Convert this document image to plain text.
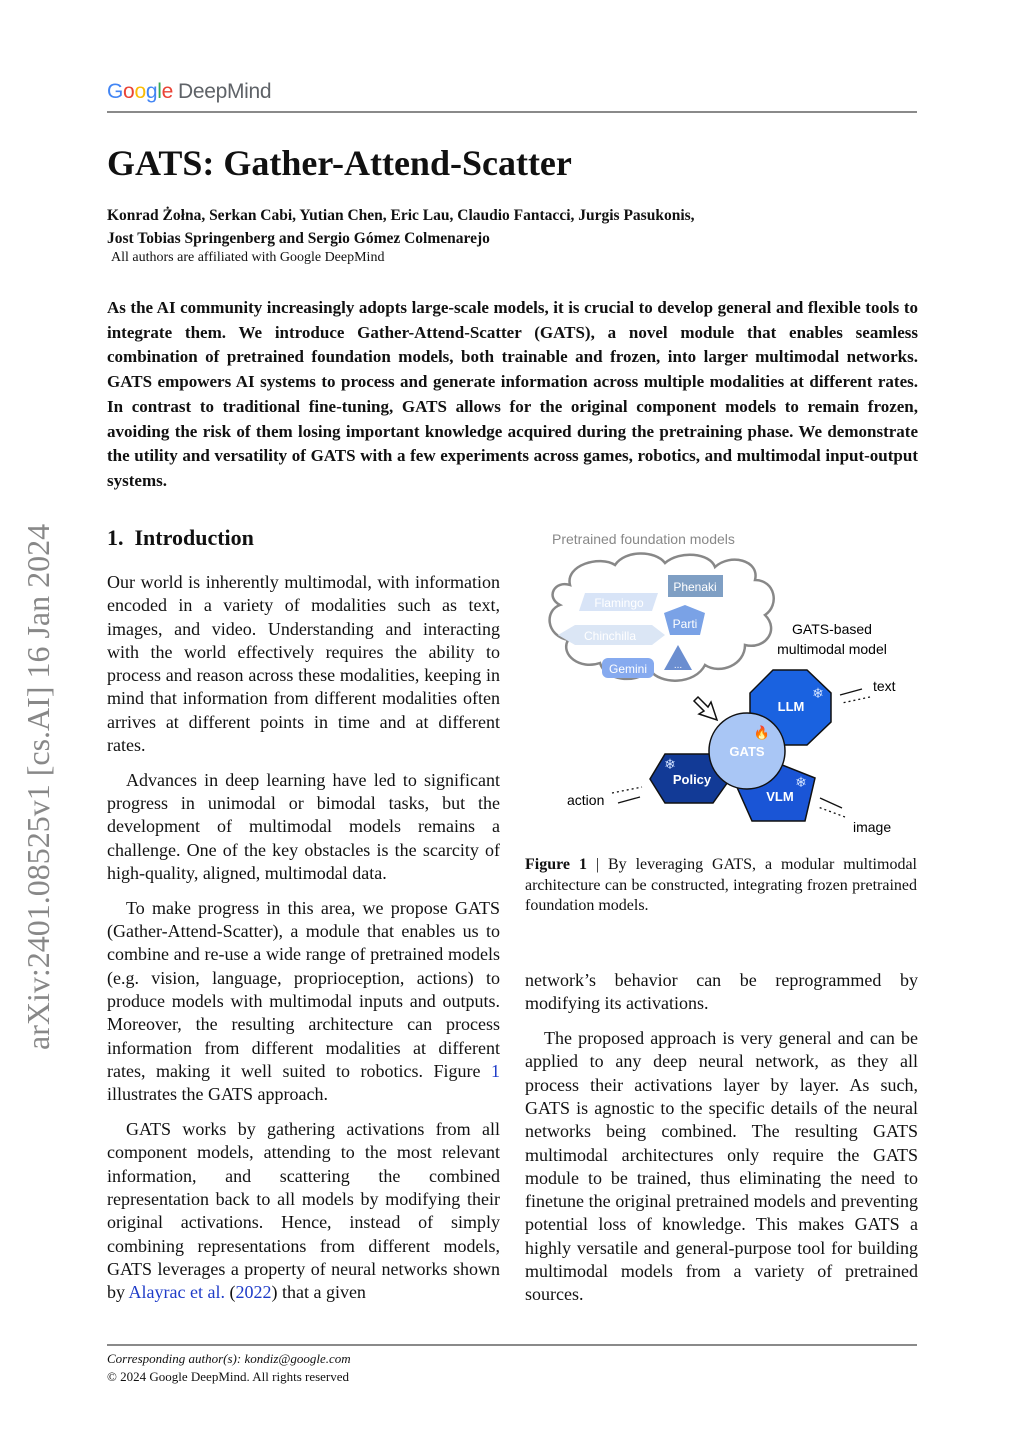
Google DeepMind
arXiv:2401.08525v1 [cs.AI] 16 Jan 2024
GATS: Gather-Attend-Scatter
Konrad Żołna, Serkan Cabi, Yutian Chen, Eric Lau, Claudio Fantacci, Jurgis Pasukonis,
Jost Tobias Springenberg and Sergio Gómez Colmenarejo
All authors are affiliated with Google DeepMind
As the AI community increasingly adopts large-scale models, it is crucial to develop general and flexible tools to integrate them. We introduce Gather-Attend-Scatter (GATS), a novel module that enables seamless combination of pretrained foundation models, both trainable and frozen, into larger multimodal networks. GATS empowers AI systems to process and generate information across multiple modalities at different rates. In contrast to traditional fine-tuning, GATS allows for the original component models to remain frozen, avoiding the risk of them losing important knowledge acquired during the pretraining phase. We demonstrate the utility and versatility of GATS with a few experiments across games, robotics, and multimodal input-output systems.
1. Introduction

Our world is inherently multimodal, with information encoded in a variety of modalities such as text, images, and video. Understanding and interacting with the world effectively requires the ability to process and reason across these modalities, keeping in mind that information from different modalities often arrives at different points in time and at different rates.

Advances in deep learning have led to significant progress in unimodal or bimodal tasks, but the development of multimodal models remains a challenge. One of the key obstacles is the scarcity of high-quality, aligned, multimodal data.

To make progress in this area, we propose GATS (Gather-Attend-Scatter), a module that enables us to combine and re-use a wide range of pretrained models (e.g. vision, language, proprioception, actions) to produce models with multimodal inputs and outputs. Moreover, the resulting architecture can process information from different modalities at different rates, making it well suited to robotics. Figure 1 illustrates the GATS approach.

GATS works by gathering activations from all component models, attending to the most relevant information, and scattering the combined representation back to all models by modifying their original activations. Hence, instead of simply combining representations from different models, GATS leverages a property of neural networks shown by Alayrac et al. (2022) that a given

Pretrained foundation models
Flamingo
Phenaki
Parti
Chinchilla
Gemini	...
GATS-based
multimodal model
LLM
❄
VLM
❄
Policy
❄
GATS
🔥
text
image
action
Figure 1 | By leveraging GATS, a modular multimodal architecture can be constructed, integrating frozen pretrained foundation models.

network’s behavior can be reprogrammed by modifying its activations.

The proposed approach is very general and can be applied to any deep neural network, as they all process their activations layer by layer. As such, GATS is agnostic to the specific details of the neural networks being combined. The resulting GATS multimodal architectures only require the GATS module to be trained, thus eliminating the need to finetune the original pretrained models and preventing potential loss of knowledge. This makes GATS a highly versatile and general-purpose tool for building multimodal models from a variety of pretrained sources.

Corresponding author(s): kondiz@google.com
© 2024 Google DeepMind. All rights reserved
